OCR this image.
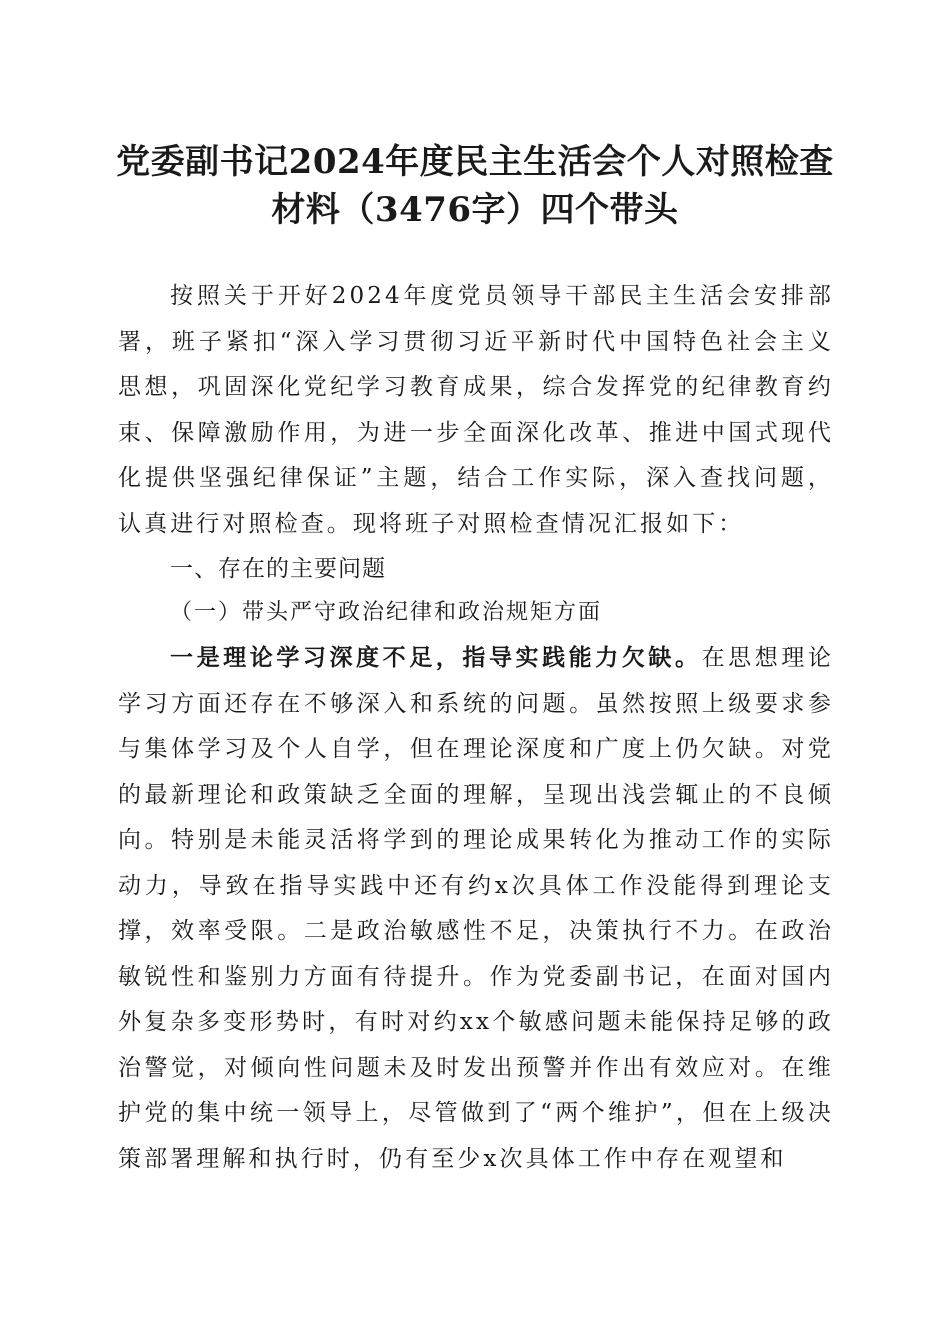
党委副书记2024年度民主生活会个人对照检查材料（3476字）四个带头

按照关于开好2024年度党员领导干部民主生活会安排部署，班子紧扣“深入学习贯彻习近平新时代中国特色社会主义思想，巩固深化党纪学习教育成果，综合发挥党的纪律教育约束、保障激励作用，为进一步全面深化改革、推进中国式现代化提供坚强纪律保证”主题，结合工作实际，深入查找问题，认真进行对照检查。现将班子对照检查情况汇报如下：

一、存在的主要问题

（一）带头严守政治纪律和政治规矩方面

一是理论学习深度不足，指导实践能力欠缺。在思想理论学习方面还存在不够深入和系统的问题。虽然按照上级要求参与集体学习及个人自学，但在理论深度和广度上仍欠缺。对党的最新理论和政策缺乏全面的理解，呈现出浅尝辄止的不良倾向。特别是未能灵活将学到的理论成果转化为推动工作的实际动力，导致在指导实践中还有约x次具体工作没能得到理论支撑，效率受限。二是政治敏感性不足，决策执行不力。在政治敏锐性和鉴别力方面有待提升。作为党委副书记，在面对国内外复杂多变形势时，有时对约xx个敏感问题未能保持足够的政治警觉，对倾向性问题未及时发出预警并作出有效应对。在维护党的集中统一领导上，尽管做到了“两个维护”，但在上级决策部署理解和执行时，仍有至少x次具体工作中存在观望和
